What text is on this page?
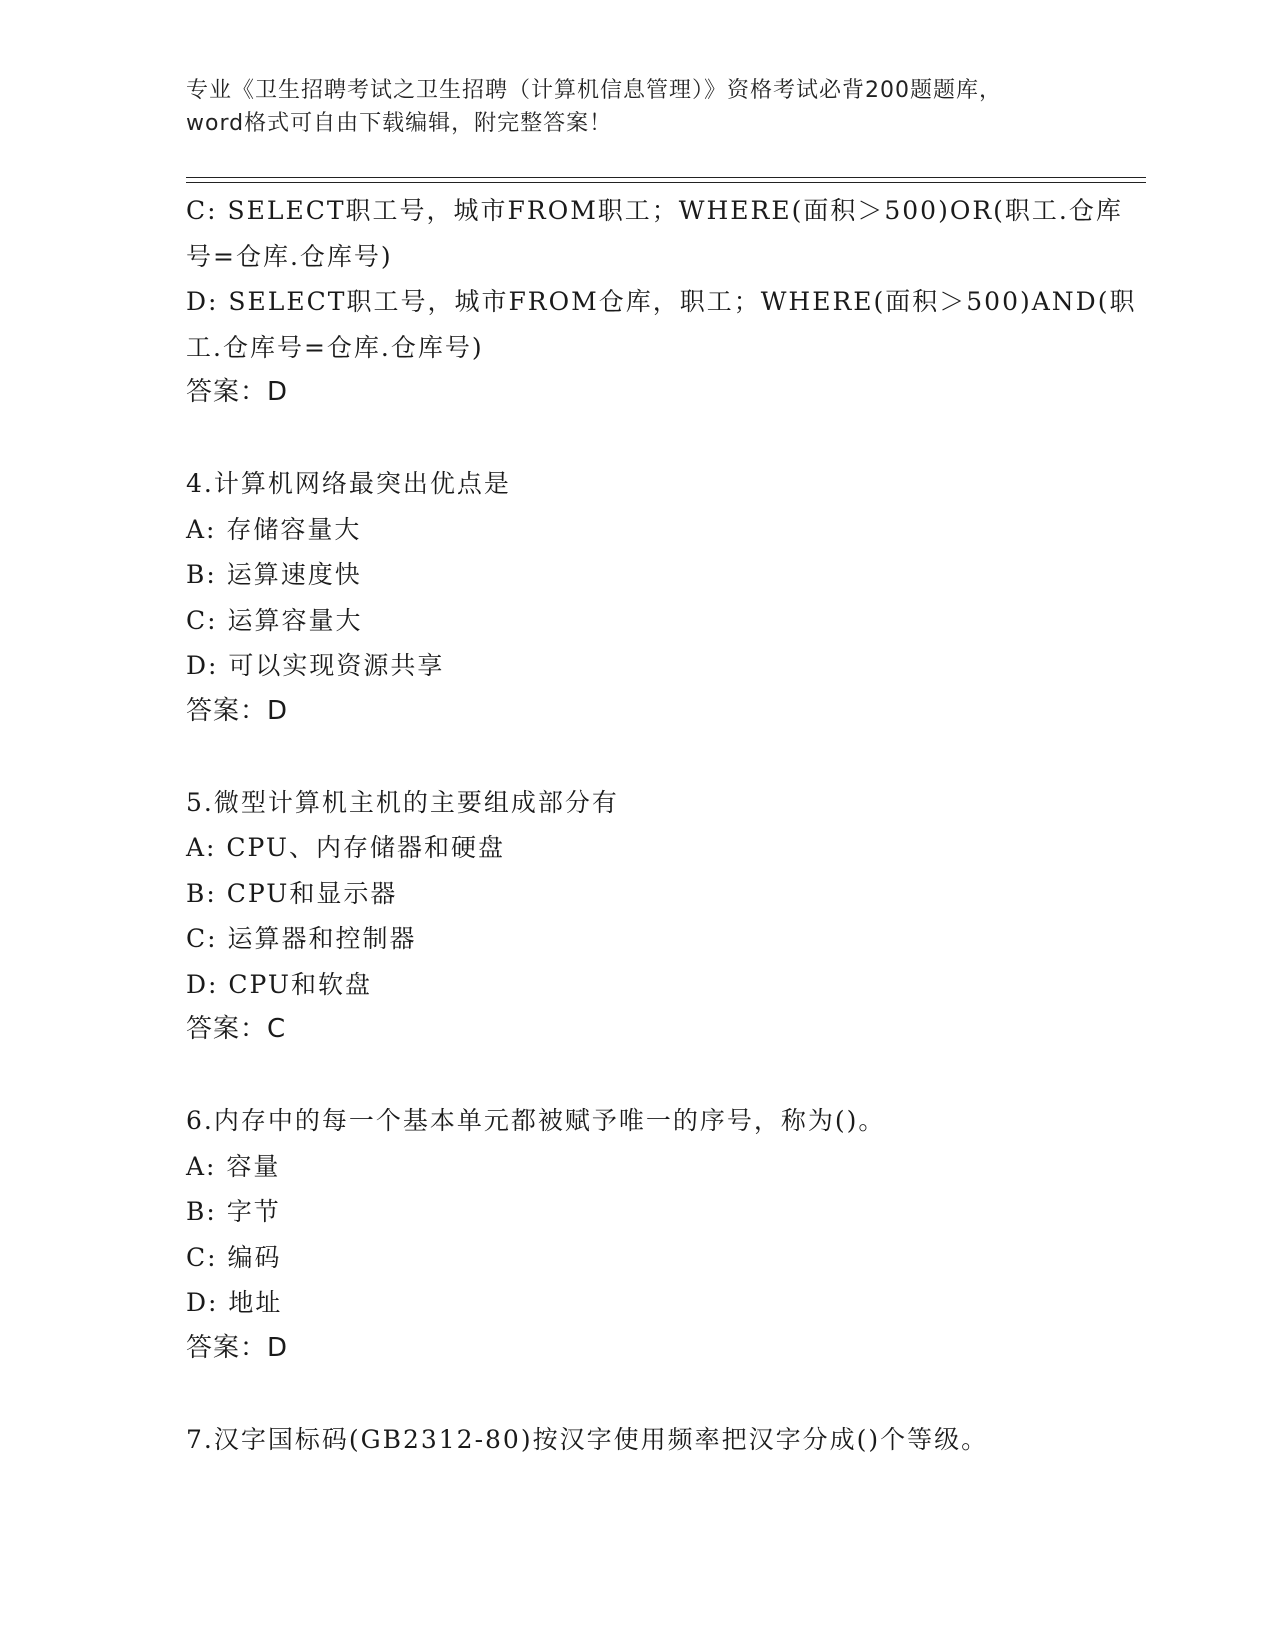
专业《卫生招聘考试之卫生招聘（计算机信息管理）》资格考试必背200题题库，
word格式可自由下载编辑，附完整答案！
C: SELECT职工号，城市FROM职工；WHERE(面积＞500)OR(职工.仓库
号=仓库.仓库号)
D: SELECT职工号，城市FROM仓库，职工；WHERE(面积＞500)AND(职
工.仓库号=仓库.仓库号)
答案：D
4.计算机网络最突出优点是
A: 存储容量大
B: 运算速度快
C: 运算容量大
D: 可以实现资源共享
答案：D
5.微型计算机主机的主要组成部分有
A: CPU、内存储器和硬盘
B: CPU和显示器
C: 运算器和控制器
D: CPU和软盘
答案：C
6.内存中的每一个基本单元都被赋予唯一的序号，称为()。
A: 容量
B: 字节
C: 编码
D: 地址
答案：D
7.汉字国标码(GB2312-80)按汉字使用频率把汉字分成()个等级。
